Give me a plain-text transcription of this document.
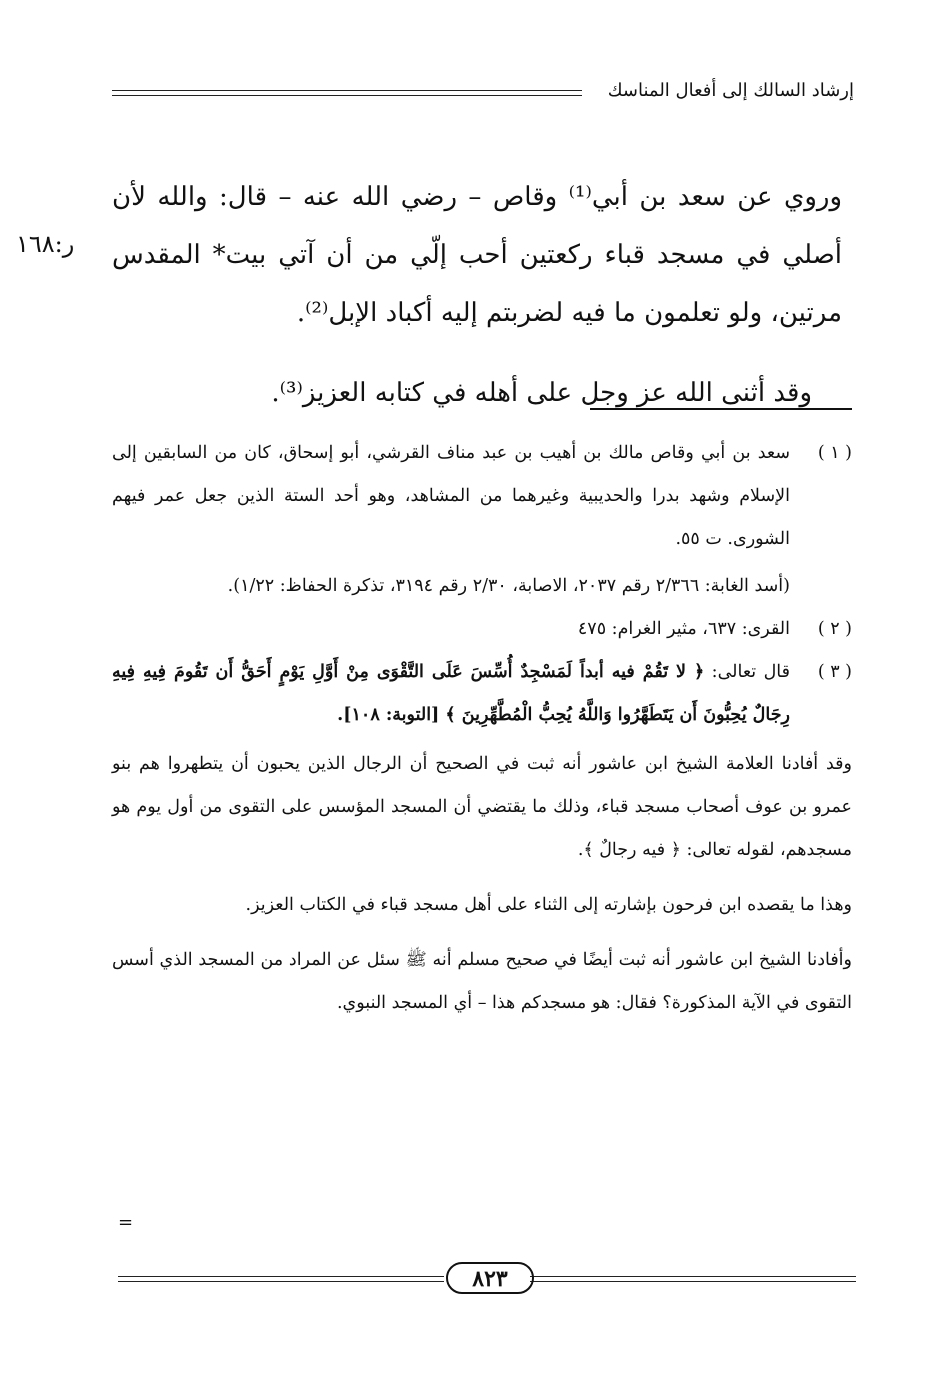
إرشاد السالك إلى أفعال المناسك
ر:١٦٨

وروي عن سعد بن أبي⁽¹⁾ وقاص – رضي الله عنه – قال: والله لأن أصلي في مسجد قباء ركعتين أحب إلّي من أن آتي بيت* المقدس مرتين، ولو تعلمون ما فيه لضربتم إليه أكباد الإبل⁽²⁾.

وقد أثنى الله عز وجل على أهله في كتابه العزيز⁽³⁾.

( ١ )

سعد بن أبي وقاص مالك بن أهيب بن عبد مناف القرشي، أبو إسحاق، كان من السابقين إلى الإسلام وشهد بدرا والحديبية وغيرهما من المشاهد، وهو أحد الستة الذين جعل عمر فيهم الشورى. ت ٥٥.

(أسد الغابة: ٢/٣٦٦ رقم ٢٠٣٧، الاصابة، ٢/٣٠ رقم ٣١٩٤، تذكرة الحفاظ: ١/٢٢).

( ٢ )

القرى: ٦٣٧، مثير الغرام: ٤٧٥

( ٣ )

قال تعالى: ﴿ لا تَقُمْ فيه أبداً لَمَسْجِدٌ أُسِّسَ عَلَى التَّقْوَى مِنْ أَوَّلِ يَوْمٍ أَحَقُّ أَن تَقُومَ فِيهِ فِيهِ رِجَالٌ يُحِبُّونَ أَن يَتَطَهَّرُوا وَاللَّهُ يُحِبُّ الْمُطَّهِّرِينَ ﴾ [التوبة: ١٠٨].

وقد أفادنا العلامة الشيخ ابن عاشور أنه ثبت في الصحيح أن الرجال الذين يحبون أن يتطهروا هم بنو عمرو بن عوف أصحاب مسجد قباء، وذلك ما يقتضي أن المسجد المؤسس على التقوى من أول يوم هو مسجدهم، لقوله تعالى: ﴿ فيه رجالٌ ﴾.

وهذا ما يقصده ابن فرحون بإشارته إلى الثناء على أهل مسجد قباء في الكتاب العزيز.

وأفادنا الشيخ ابن عاشور أنه ثبت أيضًا في صحيح مسلم أنه ﷺ سئل عن المراد من المسجد الذي أسس التقوى في الآية المذكورة؟ فقال: هو مسجدكم هذا – أي المسجد النبوي.

=
٨٢٣
